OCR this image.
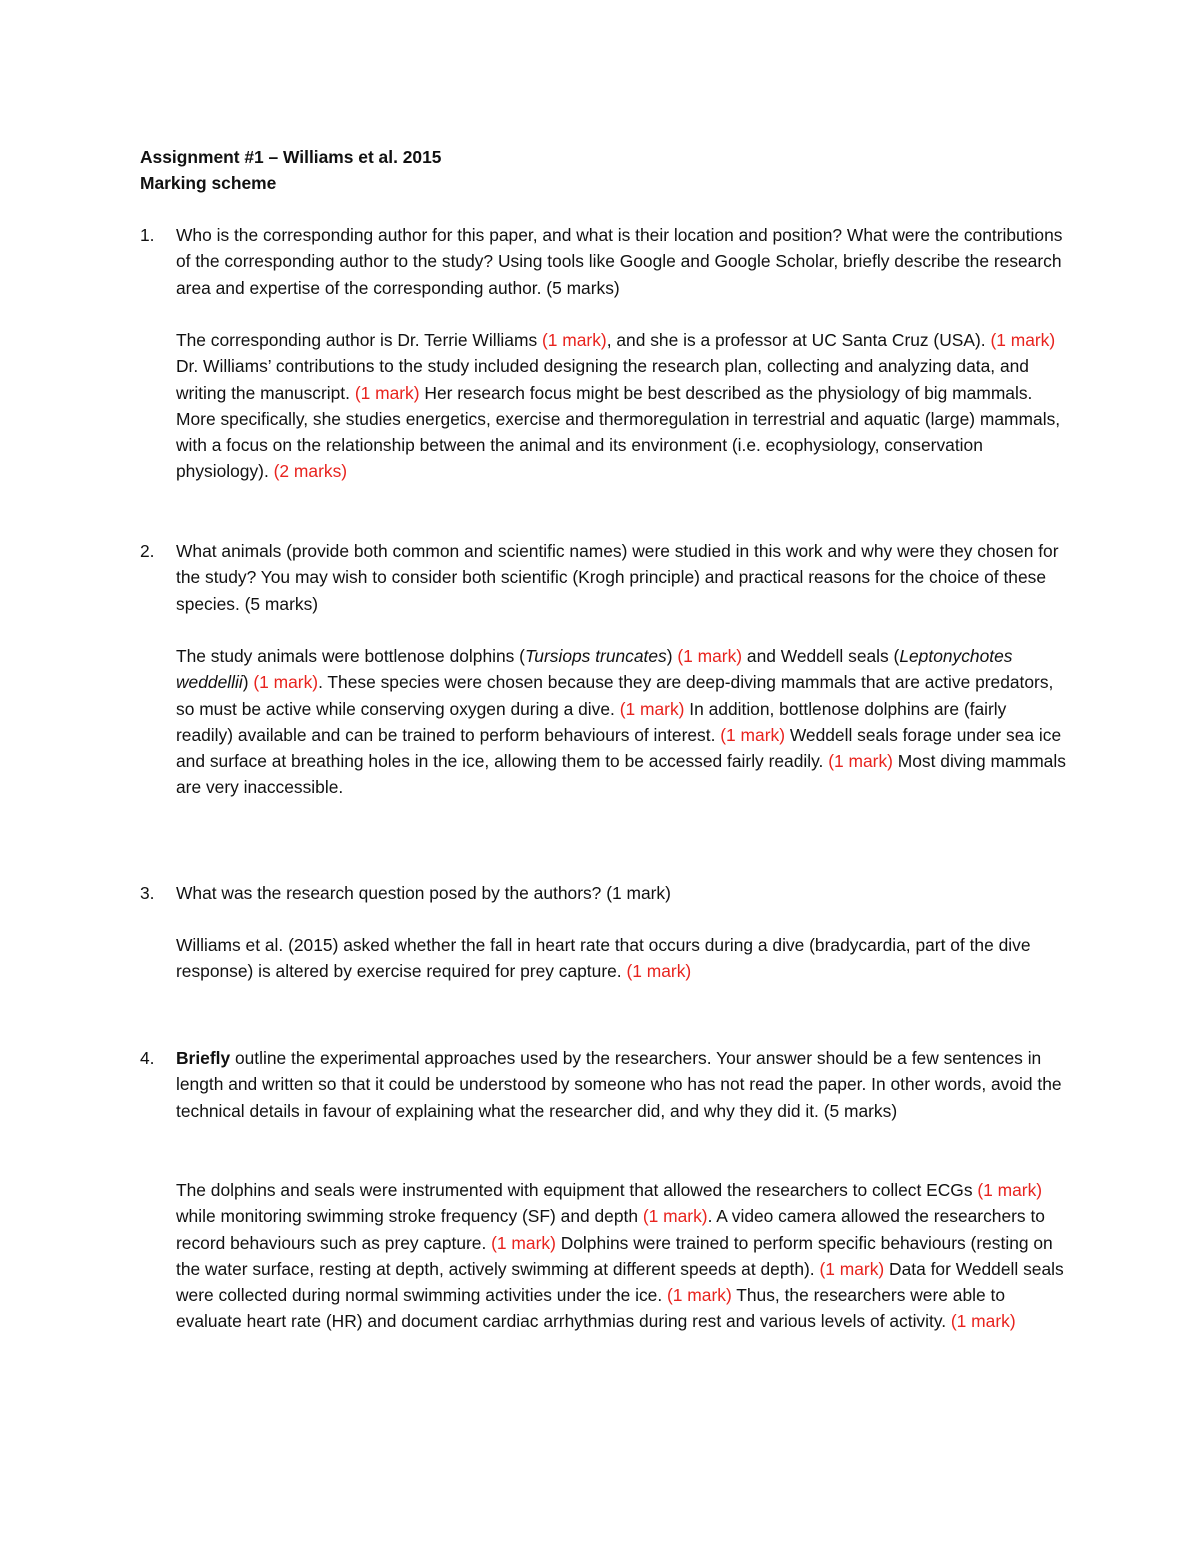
Assignment #1 – Williams et al. 2015
Marking scheme
1.	Who is the corresponding author for this paper, and what is their location and position? What were the contributions of the corresponding author to the study? Using tools like Google and Google Scholar, briefly describe the research area and expertise of the corresponding author. (5 marks)
The corresponding author is Dr. Terrie Williams (1 mark), and she is a professor at UC Santa Cruz (USA). (1 mark) Dr. Williams’ contributions to the study included designing the research plan, collecting and analyzing data, and writing the manuscript. (1 mark) Her research focus might be best described as the physiology of big mammals. More specifically, she studies energetics, exercise and thermoregulation in terrestrial and aquatic (large) mammals, with a focus on the relationship between the animal and its environment (i.e. ecophysiology, conservation physiology). (2 marks)
2.	What animals (provide both common and scientific names) were studied in this work and why were they chosen for the study? You may wish to consider both scientific (Krogh principle) and practical reasons for the choice of these species. (5 marks)
The study animals were bottlenose dolphins (Tursiops truncates) (1 mark) and Weddell seals (Leptonychotes weddellii) (1 mark). These species were chosen because they are deep-diving mammals that are active predators, so must be active while conserving oxygen during a dive. (1 mark) In addition, bottlenose dolphins are (fairly readily) available and can be trained to perform behaviours of interest. (1 mark) Weddell seals forage under sea ice and surface at breathing holes in the ice, allowing them to be accessed fairly readily. (1 mark) Most diving mammals are very inaccessible.
3.	What was the research question posed by the authors? (1 mark)
Williams et al. (2015) asked whether the fall in heart rate that occurs during a dive (bradycardia, part of the dive response) is altered by exercise required for prey capture. (1 mark)
4.	Briefly outline the experimental approaches used by the researchers. Your answer should be a few sentences in length and written so that it could be understood by someone who has not read the paper. In other words, avoid the technical details in favour of explaining what the researcher did, and why they did it. (5 marks)
The dolphins and seals were instrumented with equipment that allowed the researchers to collect ECGs (1 mark) while monitoring swimming stroke frequency (SF) and depth (1 mark). A video camera allowed the researchers to record behaviours such as prey capture. (1 mark) Dolphins were trained to perform specific behaviours (resting on the water surface, resting at depth, actively swimming at different speeds at depth). (1 mark) Data for Weddell seals were collected during normal swimming activities under the ice. (1 mark) Thus, the researchers were able to evaluate heart rate (HR) and document cardiac arrhythmias during rest and various levels of activity. (1 mark)
